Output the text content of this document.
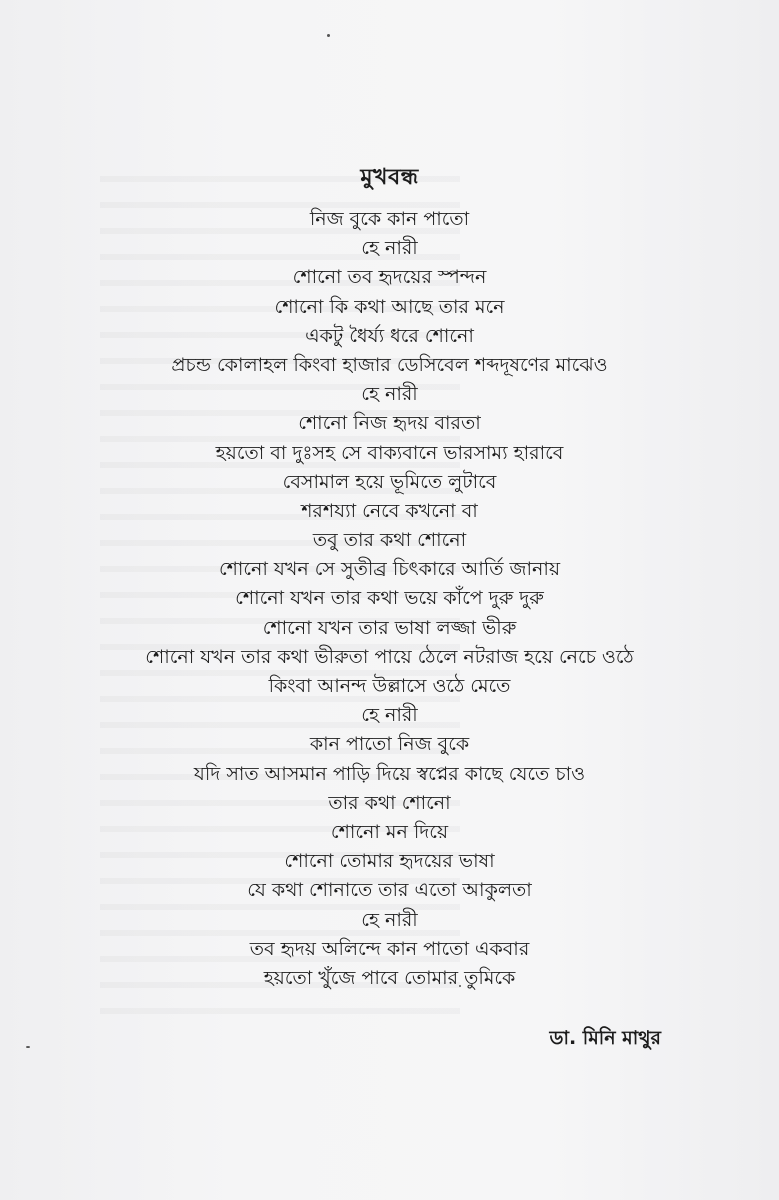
মুখবন্ধ
নিজ বুকে কান পাতো
হে নারী
শোনো তব হৃদয়ের স্পন্দন
শোনো কি কথা আছে তার মনে
একটু ধৈর্য্য ধরে শোনো
প্রচন্ড কোলাহল কিংবা হাজার ডেসিবেল শব্দদূষণের মাঝেও
হে নারী
শোনো নিজ হৃদয় বারতা
হয়তো বা দুঃসহ সে বাক্যবানে ভারসাম্য হারাবে
বেসামাল হয়ে ভূমিতে লুটাবে
শরশয্যা নেবে কখনো বা
তবু তার কথা শোনো
শোনো যখন সে সুতীব্র চিৎকারে আর্তি জানায়
শোনো যখন তার কথা ভয়ে কাঁপে দুরু দুরু
শোনো যখন তার ভাষা লজ্জা ভীরু
শোনো যখন তার কথা ভীরুতা পায়ে ঠেলে নটরাজ হয়ে নেচে ওঠে
কিংবা আনন্দ উল্লাসে ওঠে মেতে
হে নারী
কান পাতো নিজ বুকে
যদি সাত আসমান পাড়ি দিয়ে স্বপ্নের কাছে যেতে চাও
তার কথা শোনো
শোনো মন দিয়ে
শোনো তোমার হৃদয়ের ভাষা
যে কথা শোনাতে তার এতো আকুলতা
হে নারী
তব হৃদয় অলিন্দে কান পাতো একবার
হয়তো খুঁজে পাবে তোমার তুমিকে
ডা. মিনি মাথুর
